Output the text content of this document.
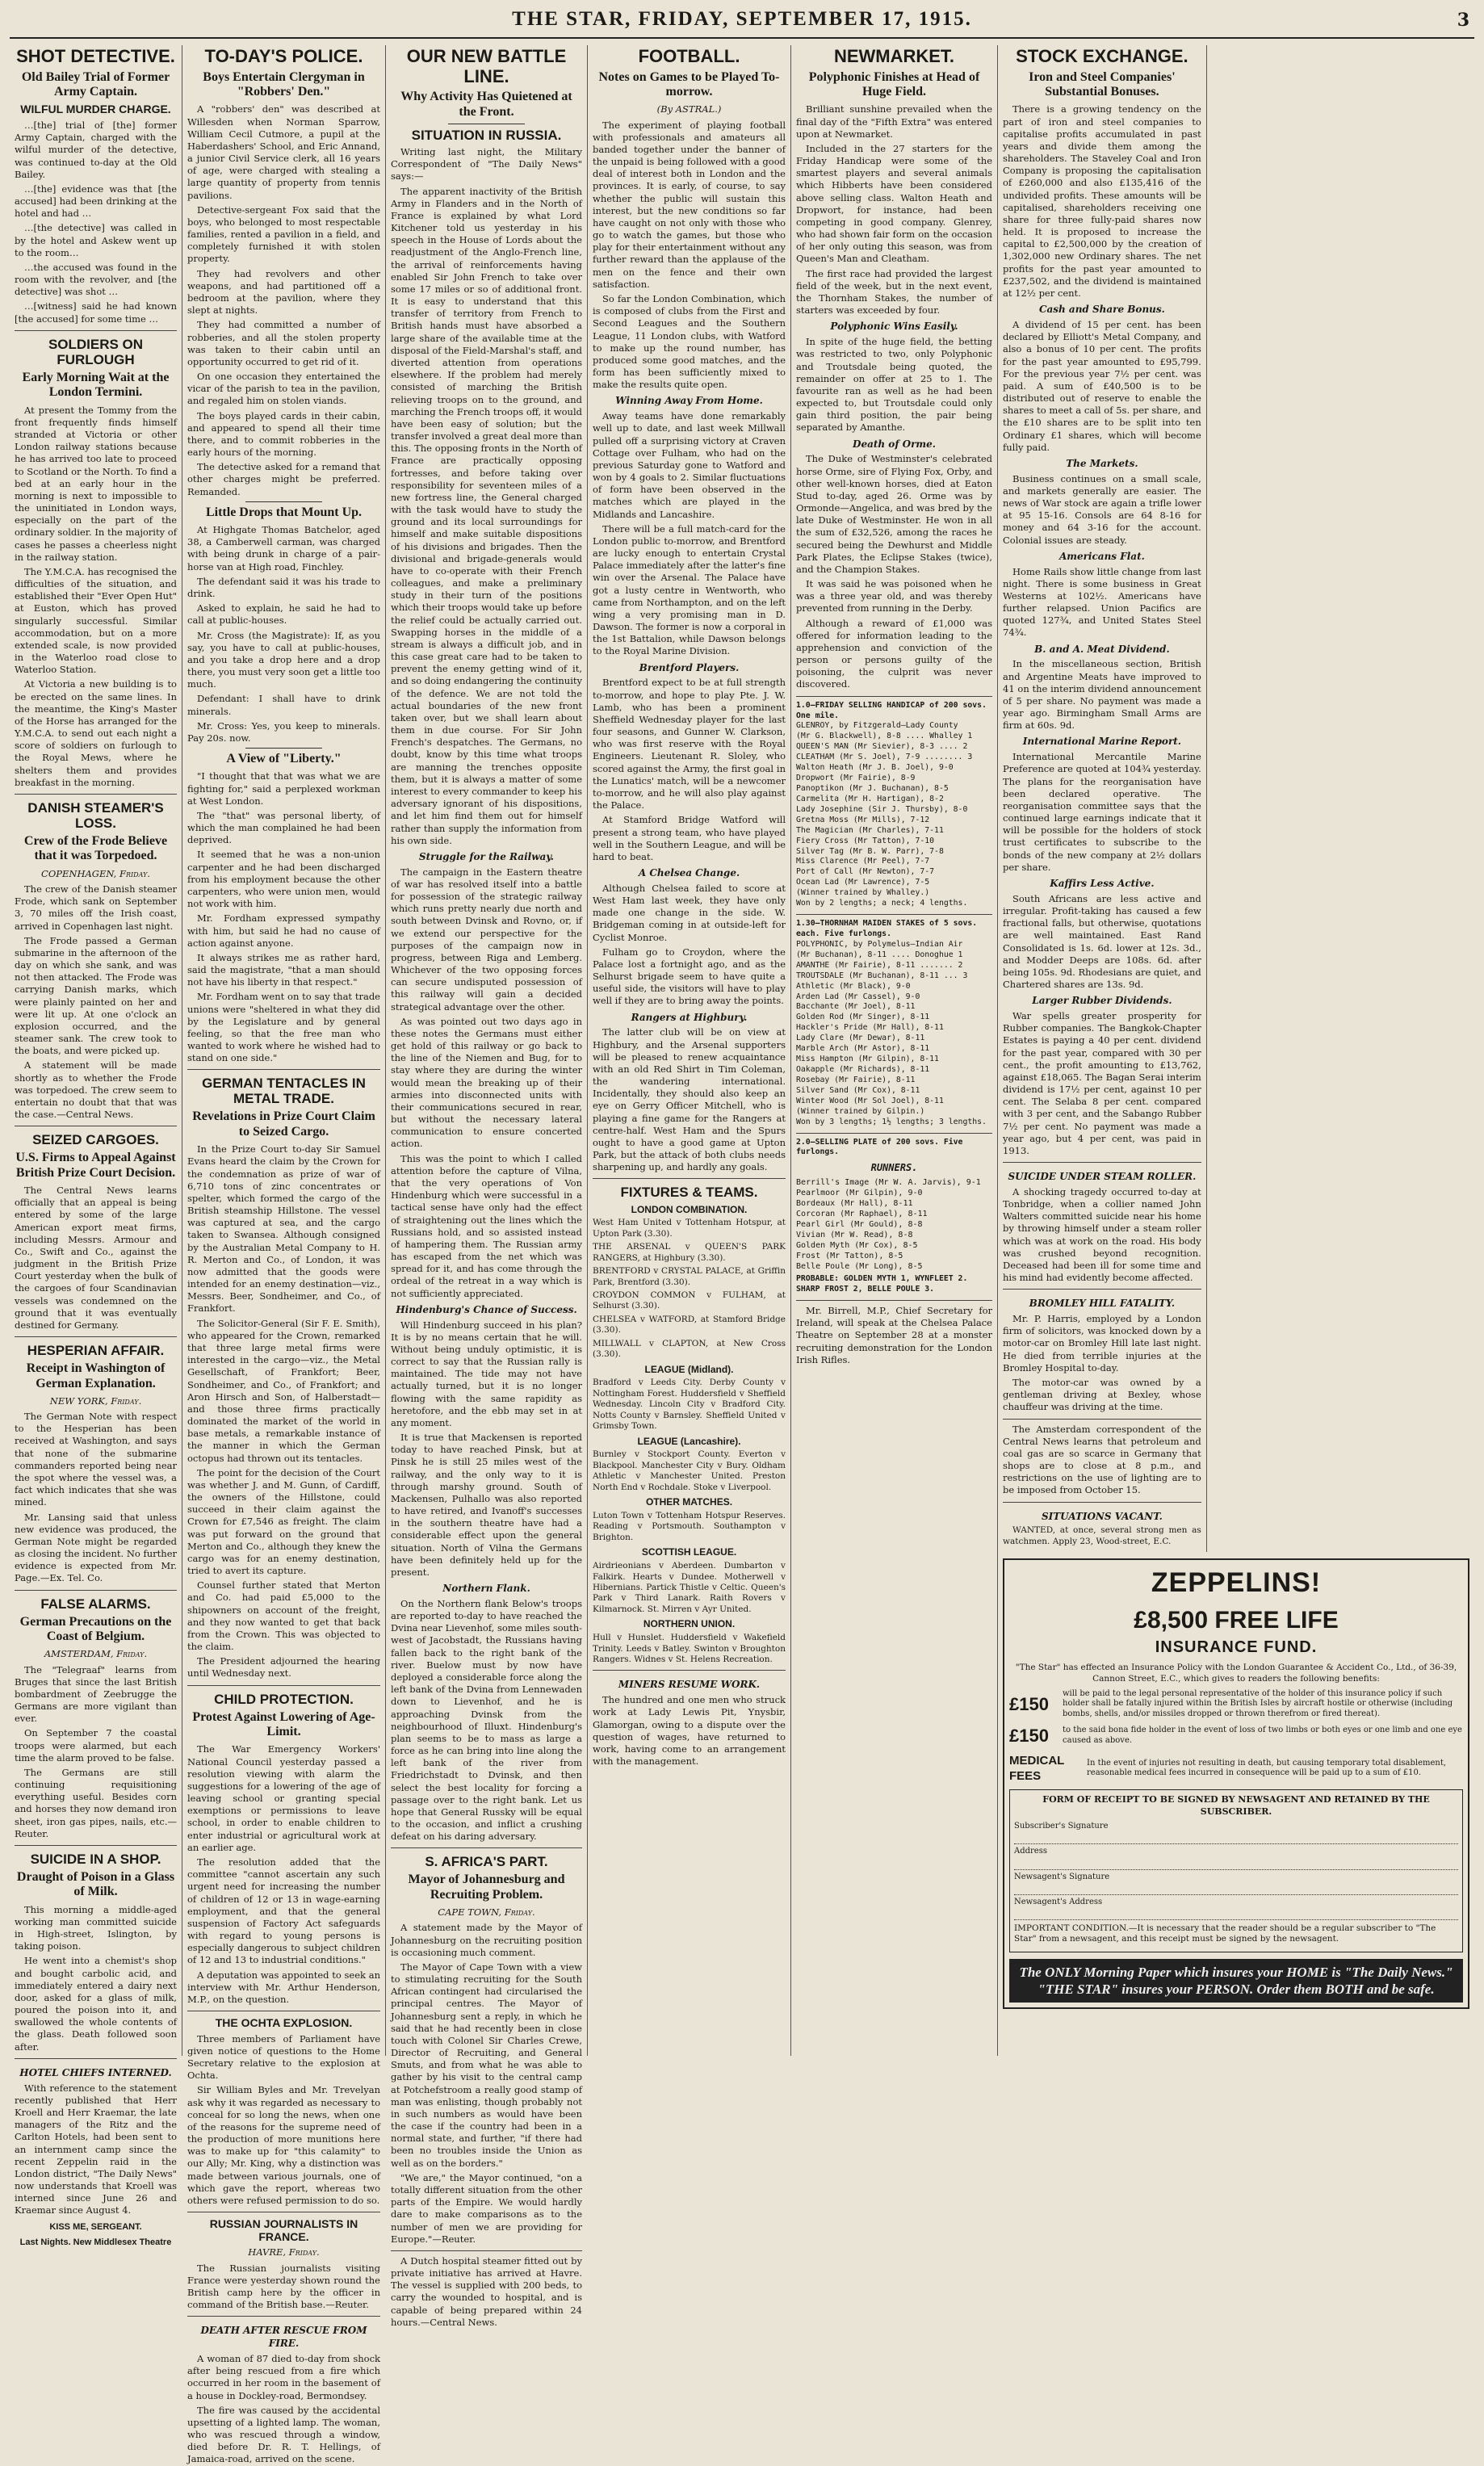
THE STAR, FRIDAY, SEPTEMBER 17, 1915.	3
SHOT DETECTIVE.
Old Bailey Trial of Former Army Captain.
WILFUL MURDER CHARGE.

…[the] trial of [the] former Army Captain, charged with the wilful murder of the detective, was continued to-day at the Old Bailey.

…[the] evidence was that [the accused] had been drinking at the hotel and had …

…[the detective] was called in by the hotel and Askew went up to the room…

…the accused was found in the room with the revolver, and [the detective] was shot …

…[witness] said he had known [the accused] for some time …

SOLDIERS ON FURLOUGH
Early Morning Wait at the London Termini.

At present the Tommy from the front frequently finds himself stranded at Victoria or other London railway stations because he has arrived too late to proceed to Scotland or the North. To find a bed at an early hour in the morning is next to impossible to the uninitiated in London ways, especially on the part of the ordinary soldier. In the majority of cases he passes a cheerless night in the railway station.

The Y.M.C.A. has recognised the difficulties of the situation, and established their "Ever Open Hut" at Euston, which has proved singularly successful. Similar accommodation, but on a more extended scale, is now provided in the Waterloo road close to Waterloo Station.

At Victoria a new building is to be erected on the same lines. In the meantime, the King's Master of the Horse has arranged for the Y.M.C.A. to send out each night a score of soldiers on furlough to the Royal Mews, where he shelters them and provides breakfast in the morning.

DANISH STEAMER'S LOSS.
Crew of the Frode Believe that it was Torpedoed.
COPENHAGEN, Friday.

The crew of the Danish steamer Frode, which sank on September 3, 70 miles off the Irish coast, arrived in Copenhagen last night.

The Frode passed a German submarine in the afternoon of the day on which she sank, and was not then attacked. The Frode was carrying Danish marks, which were plainly painted on her and were lit up. At one o'clock an explosion occurred, and the steamer sank. The crew took to the boats, and were picked up.

A statement will be made shortly as to whether the Frode was torpedoed. The crew seem to entertain no doubt that that was the case.—Central News.

SEIZED CARGOES.
U.S. Firms to Appeal Against British Prize Court Decision.

The Central News learns officially that an appeal is being entered by some of the large American export meat firms, including Messrs. Armour and Co., Swift and Co., against the judgment in the British Prize Court yesterday when the bulk of the cargoes of four Scandinavian vessels was condemned on the ground that it was eventually destined for Germany.

HESPERIAN AFFAIR.
Receipt in Washington of German Explanation.
NEW YORK, Friday.

The German Note with respect to the Hesperian has been received at Washington, and says that none of the submarine commanders reported being near the spot where the vessel was, a fact which indicates that she was mined.

Mr. Lansing said that unless new evidence was produced, the German Note might be regarded as closing the incident. No further evidence is expected from Mr. Page.—Ex. Tel. Co.

FALSE ALARMS.
German Precautions on the Coast of Belgium.
AMSTERDAM, Friday.

The "Telegraaf" learns from Bruges that since the last British bombardment of Zeebrugge the Germans are more vigilant than ever.

On September 7 the coastal troops were alarmed, but each time the alarm proved to be false.

The Germans are still continuing requisitioning everything useful. Besides corn and horses they now demand iron sheet, iron gas pipes, nails, etc.—Reuter.

SUICIDE IN A SHOP.
Draught of Poison in a Glass of Milk.

This morning a middle-aged working man committed suicide in High-street, Islington, by taking poison.

He went into a chemist's shop and bought carbolic acid, and immediately entered a dairy next door, asked for a glass of milk, poured the poison into it, and swallowed the whole contents of the glass. Death followed soon after.

HOTEL CHIEFS INTERNED.

With reference to the statement recently published that Herr Kroell and Herr Kraemar, the late managers of the Ritz and the Carlton Hotels, had been sent to an internment camp since the recent Zeppelin raid in the London district, "The Daily News" now understands that Kroell was interned since June 26 and Kraemar since August 4.

KISS ME, SERGEANT.
Last Nights. New Middlesex Theatre
TO-DAY'S POLICE.
Boys Entertain Clergyman in "Robbers' Den."

A "robbers' den" was described at Willesden when Norman Sparrow, William Cecil Cutmore, a pupil at the Haberdashers' School, and Eric Annand, a junior Civil Service clerk, all 16 years of age, were charged with stealing a large quantity of property from tennis pavilions.

Detective-sergeant Fox said that the boys, who belonged to most respectable families, rented a pavilion in a field, and completely furnished it with stolen property.

They had revolvers and other weapons, and had partitioned off a bedroom at the pavilion, where they slept at nights.

They had committed a number of robberies, and all the stolen property was taken to their cabin until an opportunity occurred to get rid of it.

On one occasion they entertained the vicar of the parish to tea in the pavilion, and regaled him on stolen viands.

The boys played cards in their cabin, and appeared to spend all their time there, and to commit robberies in the early hours of the morning.

The detective asked for a remand that other charges might be preferred. Remanded.

Little Drops that Mount Up.

At Highgate Thomas Batchelor, aged 38, a Camberwell carman, was charged with being drunk in charge of a pair-horse van at High road, Finchley.

The defendant said it was his trade to drink.

Asked to explain, he said he had to call at public-houses.

Mr. Cross (the Magistrate): If, as you say, you have to call at public-houses, and you take a drop here and a drop there, you must very soon get a little too much.

Defendant: I shall have to drink minerals.

Mr. Cross: Yes, you keep to minerals. Pay 20s. now.

A View of "Liberty."

"I thought that that was what we are fighting for," said a perplexed workman at West London.

The "that" was personal liberty, of which the man complained he had been deprived.

It seemed that he was a non-union carpenter and he had been discharged from his employment because the other carpenters, who were union men, would not work with him.

Mr. Fordham expressed sympathy with him, but said he had no cause of action against anyone.

It always strikes me as rather hard, said the magistrate, "that a man should not have his liberty in that respect."

Mr. Fordham went on to say that trade unions were "sheltered in what they did by the Legislature and by general feeling, so that the free man who wanted to work where he wished had to stand on one side."

GERMAN TENTACLES IN METAL TRADE.
Revelations in Prize Court Claim to Seized Cargo.

In the Prize Court to-day Sir Samuel Evans heard the claim by the Crown for the condemnation as prize of war of 6,710 tons of zinc concentrates or spelter, which formed the cargo of the British steamship Hillstone. The vessel was captured at sea, and the cargo taken to Swansea. Although consigned by the Australian Metal Company to H. R. Merton and Co., of London, it was now admitted that the goods were intended for an enemy destination—viz., Messrs. Beer, Sondheimer, and Co., of Frankfort.

The Solicitor-General (Sir F. E. Smith), who appeared for the Crown, remarked that three large metal firms were interested in the cargo—viz., the Metal Gesellschaft, of Frankfort; Beer, Sondheimer, and Co., of Frankfort; and Aron Hirsch and Son, of Halberstadt—and those three firms practically dominated the market of the world in base metals, a remarkable instance of the manner in which the German octopus had thrown out its tentacles.

The point for the decision of the Court was whether J. and M. Gunn, of Cardiff, the owners of the Hillstone, could succeed in their claim against the Crown for £7,546 as freight. The claim was put forward on the ground that Merton and Co., although they knew the cargo was for an enemy destination, tried to avert its capture.

Counsel further stated that Merton and Co. had paid £5,000 to the shipowners on account of the freight, and they now wanted to get that back from the Crown. This was objected to the claim.

The President adjourned the hearing until Wednesday next.

CHILD PROTECTION.
Protest Against Lowering of Age-Limit.

The War Emergency Workers' National Council yesterday passed a resolution viewing with alarm the suggestions for a lowering of the age of leaving school or granting special exemptions or permissions to leave school, in order to enable children to enter industrial or agricultural work at an earlier age.

The resolution added that the committee "cannot ascertain any such urgent need for increasing the number of children of 12 or 13 in wage-earning employment, and that the general suspension of Factory Act safeguards with regard to young persons is especially dangerous to subject children of 12 and 13 to industrial conditions."

A deputation was appointed to seek an interview with Mr. Arthur Henderson, M.P., on the question.

THE OCHTA EXPLOSION.

Three members of Parliament have given notice of questions to the Home Secretary relative to the explosion at Ochta.

Sir William Byles and Mr. Trevelyan ask why it was regarded as necessary to conceal for so long the news, when one of the reasons for the supreme need of the production of more munitions here was to make up for "this calamity" to our Ally; Mr. King, why a distinction was made between various journals, one of which gave the report, whereas two others were refused permission to do so.

RUSSIAN JOURNALISTS IN FRANCE.
HAVRE, Friday.

The Russian journalists visiting France were yesterday shown round the British camp here by the officer in command of the British base.—Reuter.

DEATH AFTER RESCUE FROM FIRE.

A woman of 87 died to-day from shock after being rescued from a fire which occurred in her room in the basement of a house in Dockley-road, Bermondsey.

The fire was caused by the accidental upsetting of a lighted lamp. The woman, who was rescued through a window, died before Dr. R. T. Hellings, of Jamaica-road, arrived on the scene.

OUR NEW BATTLE LINE.
Why Activity Has Quietened at the Front.
SITUATION IN RUSSIA.

Writing last night, the Military Correspondent of "The Daily News" says:—

The apparent inactivity of the British Army in Flanders and in the North of France is explained by what Lord Kitchener told us yesterday in his speech in the House of Lords about the readjustment of the Anglo-French line, the arrival of reinforcements having enabled Sir John French to take over some 17 miles or so of additional front. It is easy to understand that this transfer of territory from French to British hands must have absorbed a large share of the available time at the disposal of the Field-Marshal's staff, and diverted attention from operations elsewhere. If the problem had merely consisted of marching the British relieving troops on to the ground, and marching the French troops off, it would have been easy of solution; but the transfer involved a great deal more than this. The opposing fronts in the North of France are practically opposing fortresses, and before taking over responsibility for seventeen miles of a new fortress line, the General charged with the task would have to study the ground and its local surroundings for himself and make suitable dispositions of his divisions and brigades. Then the divisional and brigade-generals would have to co-operate with their French colleagues, and make a preliminary study in their turn of the positions which their troops would take up before the relief could be actually carried out. Swapping horses in the middle of a stream is always a difficult job, and in this case great care had to be taken to prevent the enemy getting wind of it, and so doing endangering the continuity of the defence. We are not told the actual boundaries of the new front taken over, but we shall learn about them in due course. For Sir John French's despatches. The Germans, no doubt, know by this time what troops are manning the trenches opposite them, but it is always a matter of some interest to every commander to keep his adversary ignorant of his dispositions, and let him find them out for himself rather than supply the information from his own side.

Struggle for the Railway.

The campaign in the Eastern theatre of war has resolved itself into a battle for possession of the strategic railway which runs pretty nearly due north and south between Dvinsk and Rovno, or, if we extend our perspective for the purposes of the campaign now in progress, between Riga and Lemberg. Whichever of the two opposing forces can secure undisputed possession of this railway will gain a decided strategical advantage over the other.

As was pointed out two days ago in these notes the Germans must either get hold of this railway or go back to the line of the Niemen and Bug, for to stay where they are during the winter would mean the breaking up of their armies into disconnected units with their communications secured in rear, but without the necessary lateral communication to ensure concerted action.

This was the point to which I called attention before the capture of Vilna, that the very operations of Von Hindenburg which were successful in a tactical sense have only had the effect of straightening out the lines which the Russians hold, and so assisted instead of hampering them. The Russian army has escaped from the net which was spread for it, and has come through the ordeal of the retreat in a way which is not sufficiently appreciated.

Hindenburg's Chance of Success.

Will Hindenburg succeed in his plan? It is by no means certain that he will. Without being unduly optimistic, it is correct to say that the Russian rally is maintained. The tide may not have actually turned, but it is no longer flowing with the same rapidity as heretofore, and the ebb may set in at any moment.

It is true that Mackensen is reported today to have reached Pinsk, but at Pinsk he is still 25 miles west of the railway, and the only way to it is through marshy ground. South of Mackensen, Pulhallo was also reported to have retired, and Ivanoff's successes in the southern theatre have had a considerable effect upon the general situation. North of Vilna the Germans have been definitely held up for the present.

Northern Flank.

On the Northern flank Below's troops are reported to-day to have reached the Dvina near Lievenhof, some miles south-west of Jacobstadt, the Russians having fallen back to the right bank of the river. Buelow must by now have deployed a considerable force along the left bank of the Dvina from Lennewaden down to Lievenhof, and he is approaching Dvinsk from the neighbourhood of Illuxt. Hindenburg's plan seems to be to mass as large a force as he can bring into line along the left bank of the river from Friedrichstadt to Dvinsk, and then select the best locality for forcing a passage over to the right bank. Let us hope that General Russky will be equal to the occasion, and inflict a crushing defeat on his daring adversary.

S. AFRICA'S PART.
Mayor of Johannesburg and Recruiting Problem.
CAPE TOWN, Friday.

A statement made by the Mayor of Johannesburg on the recruiting position is occasioning much comment.

The Mayor of Cape Town with a view to stimulating recruiting for the South African contingent had circularised the principal centres. The Mayor of Johannesburg sent a reply, in which he said that he had recently been in close touch with Colonel Sir Charles Crewe, Director of Recruiting, and General Smuts, and from what he was able to gather by his visit to the central camp at Potchefstroom a really good stamp of man was enlisting, though probably not in such numbers as would have been the case if the country had been in a normal state, and further, "if there had been no troubles inside the Union as well as on the borders."

"We are," the Mayor continued, "on a totally different situation from the other parts of the Empire. We would hardly dare to make comparisons as to the number of men we are providing for Europe."—Reuter.

A Dutch hospital steamer fitted out by private initiative has arrived at Havre. The vessel is supplied with 200 beds, to carry the wounded to hospital, and is capable of being prepared within 24 hours.—Central News.

FOOTBALL.
Notes on Games to be Played To-morrow.
(By ASTRAL.)

The experiment of playing football with professionals and amateurs all banded together under the banner of the unpaid is being followed with a good deal of interest both in London and the provinces. It is early, of course, to say whether the public will sustain this interest, but the new conditions so far have caught on not only with those who go to watch the games, but those who play for their entertainment without any further reward than the applause of the men on the fence and their own satisfaction.

So far the London Combination, which is composed of clubs from the First and Second Leagues and the Southern League, 11 London clubs, with Watford to make up the round number, has produced some good matches, and the form has been sufficiently mixed to make the results quite open.

Winning Away From Home.

Away teams have done remarkably well up to date, and last week Millwall pulled off a surprising victory at Craven Cottage over Fulham, who had on the previous Saturday gone to Watford and won by 4 goals to 2. Similar fluctuations of form have been observed in the matches which are played in the Midlands and Lancashire.

There will be a full match-card for the London public to-morrow, and Brentford are lucky enough to entertain Crystal Palace immediately after the latter's fine win over the Arsenal. The Palace have got a lusty centre in Wentworth, who came from Northampton, and on the left wing a very promising man in D. Dawson. The former is now a corporal in the 1st Battalion, while Dawson belongs to the Royal Marine Division.

Brentford Players.

Brentford expect to be at full strength to-morrow, and hope to play Pte. J. W. Lamb, who has been a prominent Sheffield Wednesday player for the last four seasons, and Gunner W. Clarkson, who was first reserve with the Royal Engineers. Lieutenant R. Sloley, who scored against the Army, the first goal in the Lunatics' match, will be a newcomer to-morrow, and he will also play against the Palace.

At Stamford Bridge Watford will present a strong team, who have played well in the Southern League, and will be hard to beat.

A Chelsea Change.

Although Chelsea failed to score at West Ham last week, they have only made one change in the side. W. Bridgeman coming in at outside-left for Cyclist Monroe.

Fulham go to Croydon, where the Palace lost a fortnight ago, and as the Selhurst brigade seem to have quite a useful side, the visitors will have to play well if they are to bring away the points.

Rangers at Highbury.

The latter club will be on view at Highbury, and the Arsenal supporters will be pleased to renew acquaintance with an old Red Shirt in Tim Coleman, the wandering international. Incidentally, they should also keep an eye on Gerry Officer Mitchell, who is playing a fine game for the Rangers at centre-half. West Ham and the Spurs ought to have a good game at Upton Park, but the attack of both clubs needs sharpening up, and hardly any goals.

FIXTURES & TEAMS.
LONDON COMBINATION.

West Ham United v Tottenham Hotspur, at Upton Park (3.30).

THE ARSENAL v QUEEN'S PARK RANGERS, at Highbury (3.30).

BRENTFORD v CRYSTAL PALACE, at Griffin Park, Brentford (3.30).

CROYDON COMMON v FULHAM, at Selhurst (3.30).

CHELSEA v WATFORD, at Stamford Bridge (3.30).

MILLWALL v CLAPTON, at New Cross (3.30).

LEAGUE (Midland).

Bradford v Leeds City. Derby County v Nottingham Forest. Huddersfield v Sheffield Wednesday. Lincoln City v Bradford City. Notts County v Barnsley. Sheffield United v Grimsby Town.

LEAGUE (Lancashire).

Burnley v Stockport County. Everton v Blackpool. Manchester City v Bury. Oldham Athletic v Manchester United. Preston North End v Rochdale. Stoke v Liverpool.

OTHER MATCHES.

Luton Town v Tottenham Hotspur Reserves. Reading v Portsmouth. Southampton v Brighton.

SCOTTISH LEAGUE.

Airdrieonians v Aberdeen. Dumbarton v Falkirk. Hearts v Dundee. Motherwell v Hibernians. Partick Thistle v Celtic. Queen's Park v Third Lanark. Raith Rovers v Kilmarnock. St. Mirren v Ayr United.

NORTHERN UNION.

Hull v Hunslet. Huddersfield v Wakefield Trinity. Leeds v Batley. Swinton v Broughton Rangers. Widnes v St. Helens Recreation.

MINERS RESUME WORK.

The hundred and one men who struck work at Lady Lewis Pit, Ynysbir, Glamorgan, owing to a dispute over the question of wages, have returned to work, having come to an arrangement with the management.

NEWMARKET.
Polyphonic Finishes at Head of Huge Field.

Brilliant sunshine prevailed when the final day of the "Fifth Extra" was entered upon at Newmarket.

Included in the 27 starters for the Friday Handicap were some of the smartest players and several animals which Hibberts have been considered above selling class. Walton Heath and Dropwort, for instance, had been competing in good company. Glenrey, who had shown fair form on the occasion of her only outing this season, was from Queen's Man and Cleatham.

The first race had provided the largest field of the week, but in the next event, the Thornham Stakes, the number of starters was exceeded by four.

Polyphonic Wins Easily.

In spite of the huge field, the betting was restricted to two, only Polyphonic and Troutsdale being quoted, the remainder on offer at 25 to 1. The favourite ran as well as he had been expected to, but Troutsdale could only gain third position, the pair being separated by Amanthe.

Death of Orme.

The Duke of Westminster's celebrated horse Orme, sire of Flying Fox, Orby, and other well-known horses, died at Eaton Stud to-day, aged 26. Orme was by Ormonde—Angelica, and was bred by the late Duke of Westminster. He won in all the sum of £32,526, among the races he secured being the Dewhurst and Middle Park Plates, the Eclipse Stakes (twice), and the Champion Stakes.

It was said he was poisoned when he was a three year old, and was thereby prevented from running in the Derby.

Although a reward of £1,000 was offered for information leading to the apprehension and conviction of the person or persons guilty of the poisoning, the culprit was never discovered.

1.0—FRIDAY SELLING HANDICAP of 200 sovs. One mile.
GLENROY, by Fitzgerald—Lady County
(Mr G. Blackwell), 8-8 .... Whalley 1
QUEEN'S MAN (Mr Sievier), 8-3 .... 2
CLEATHAM (Mr S. Joel), 7-9 ........ 3
Walton Heath (Mr J. B. Joel), 9-0
Dropwort (Mr Fairie), 8-9
Panoptikon (Mr J. Buchanan), 8-5
Carmelita (Mr H. Hartigan), 8-2
Lady Josephine (Sir J. Thursby), 8-0
Gretna Moss (Mr Mills), 7-12
The Magician (Mr Charles), 7-11
Fiery Cross (Mr Tatton), 7-10
Silver Tag (Mr B. W. Parr), 7-8
Miss Clarence (Mr Peel), 7-7
Port of Call (Mr Newton), 7-7
Ocean Lad (Mr Lawrence), 7-5
(Winner trained by Whalley.)
Won by 2 lengths; a neck; 4 lengths.
1.30—THORNHAM MAIDEN STAKES of 5 sovs. each. Five furlongs.
POLYPHONIC, by Polymelus—Indian Air
(Mr Buchanan), 8-11 .... Donoghue 1
AMANTHE (Mr Fairie), 8-11 ....... 2
TROUTSDALE (Mr Buchanan), 8-11 ... 3
Athletic (Mr Black), 9-0
Arden Lad (Mr Cassel), 9-0
Bacchante (Mr Joel), 8-11
Golden Rod (Mr Singer), 8-11
Hackler's Pride (Mr Hall), 8-11
Lady Clare (Mr Dewar), 8-11
Marble Arch (Mr Astor), 8-11
Miss Hampton (Mr Gilpin), 8-11
Oakapple (Mr Richards), 8-11
Rosebay (Mr Fairie), 8-11
Silver Sand (Mr Cox), 8-11
Winter Wood (Mr Sol Joel), 8-11
(Winner trained by Gilpin.)
Won by 3 lengths; 1½ lengths; 3 lengths.
2.0—SELLING PLATE of 200 sovs. Five furlongs.
RUNNERS.
Berrill's Image (Mr W. A. Jarvis), 9-1
Pearlmoor (Mr Gilpin), 9-0
Bordeaux (Mr Hall), 8-11
Corcoran (Mr Raphael), 8-11
Pearl Girl (Mr Gould), 8-8
Vivian (Mr W. Read), 8-8
Golden Myth (Mr Cox), 8-5
Frost (Mr Tatton), 8-5
Belle Poule (Mr Long), 8-5
PROBABLE: GOLDEN MYTH 1, WYNFLEET 2. SHARP FROST 2, BELLE POULE 3.

Mr. Birrell, M.P., Chief Secretary for Ireland, will speak at the Chelsea Palace Theatre on September 28 at a monster recruiting demonstration for the London Irish Rifles.

STOCK EXCHANGE.
Iron and Steel Companies' Substantial Bonuses.

There is a growing tendency on the part of iron and steel companies to capitalise profits accumulated in past years and divide them among the shareholders. The Staveley Coal and Iron Company is proposing the capitalisation of £260,000 and also £135,416 of the undivided profits. These amounts will be capitalised, shareholders receiving one share for three fully-paid shares now held. It is proposed to increase the capital to £2,500,000 by the creation of 1,302,000 new Ordinary shares. The net profits for the past year amounted to £237,502, and the dividend is maintained at 12½ per cent.

Cash and Share Bonus.

A dividend of 15 per cent. has been declared by Elliott's Metal Company, and also a bonus of 10 per cent. The profits for the past year amounted to £95,799. For the previous year 7½ per cent. was paid. A sum of £40,500 is to be distributed out of reserve to enable the shares to meet a call of 5s. per share, and the £10 shares are to be split into ten Ordinary £1 shares, which will become fully paid.

The Markets.

Business continues on a small scale, and markets generally are easier. The news of War stock are again a trifle lower at 95 15-16. Consols are 64 8-16 for money and 64 3-16 for the account. Colonial issues are steady.

Americans Flat.

Home Rails show little change from last night. There is some business in Great Westerns at 102½. Americans have further relapsed. Union Pacifics are quoted 127¾, and United States Steel 74¾.

B. and A. Meat Dividend.

In the miscellaneous section, British and Argentine Meats have improved to 41 on the interim dividend announcement of 5 per share. No payment was made a year ago. Birmingham Small Arms are firm at 60s. 9d.

International Marine Report.

International Mercantile Marine Preference are quoted at 104¾ yesterday. The plans for the reorganisation have been declared operative. The reorganisation committee says that the continued large earnings indicate that it will be possible for the holders of stock trust certificates to subscribe to the bonds of the new company at 2½ dollars per share.

Kaffirs Less Active.

South Africans are less active and irregular. Profit-taking has caused a few fractional falls, but otherwise, quotations are well maintained. East Rand Consolidated is 1s. 6d. lower at 12s. 3d., and Modder Deeps are 108s. 6d. after being 105s. 9d. Rhodesians are quiet, and Chartered shares are 13s. 9d.

Larger Rubber Dividends.

War spells greater prosperity for Rubber companies. The Bangkok-Chapter Estates is paying a 40 per cent. dividend for the past year, compared with 30 per cent., the profit amounting to £13,762, against £18,065. The Bagan Serai interim dividend is 17½ per cent, against 10 per cent. The Selaba 8 per cent. compared with 3 per cent, and the Sabango Rubber 7½ per cent. No payment was made a year ago, but 4 per cent, was paid in 1913.

SUICIDE UNDER STEAM ROLLER.

A shocking tragedy occurred to-day at Tonbridge, when a collier named John Walters committed suicide near his home by throwing himself under a steam roller which was at work on the road. His body was crushed beyond recognition. Deceased had been ill for some time and his mind had evidently become affected.

BROMLEY HILL FATALITY.

Mr. P. Harris, employed by a London firm of solicitors, was knocked down by a motor-car on Bromley Hill late last night. He died from terrible injuries at the Bromley Hospital to-day.

The motor-car was owned by a gentleman driving at Bexley, whose chauffeur was driving at the time.

The Amsterdam correspondent of the Central News learns that petroleum and coal gas are so scarce in Germany that shops are to close at 8 p.m., and restrictions on the use of lighting are to be imposed from October 15.

SITUATIONS VACANT.

WANTED, at once, several strong men as watchmen. Apply 23, Wood-street, E.C.

ZEPPELINS!
£8,500 FREE LIFE
INSURANCE FUND.

"The Star" has effected an Insurance Policy with the London Guarantee & Accident Co., Ltd., of 36-39, Cannon Street, E.C., which gives to readers the following benefits:

£150
will be paid to the legal personal representative of the holder of this insurance policy if such holder shall be fatally injured within the British Isles by aircraft hostile or otherwise (including bombs, shells, and/or missiles dropped or thrown therefrom or fired thereat).
£150	to the said bona fide holder in the event of loss of two limbs or both eyes or one limb and one eye caused as above.
MEDICAL FEES
In the event of injuries not resulting in death, but causing temporary total disablement, reasonable medical fees incurred in consequence will be paid up to a sum of £10.
FORM OF RECEIPT TO BE SIGNED BY NEWSAGENT AND RETAINED BY THE SUBSCRIBER.
Subscriber's Signature
Address
Newsagent's Signature
Newsagent's Address

IMPORTANT CONDITION.—It is necessary that the reader should be a regular subscriber to "The Star" from a newsagent, and this receipt must be signed by the newsagent.

The ONLY Morning Paper which insures your HOME is "The Daily News." "THE STAR" insures your PERSON. Order them BOTH and be safe.
